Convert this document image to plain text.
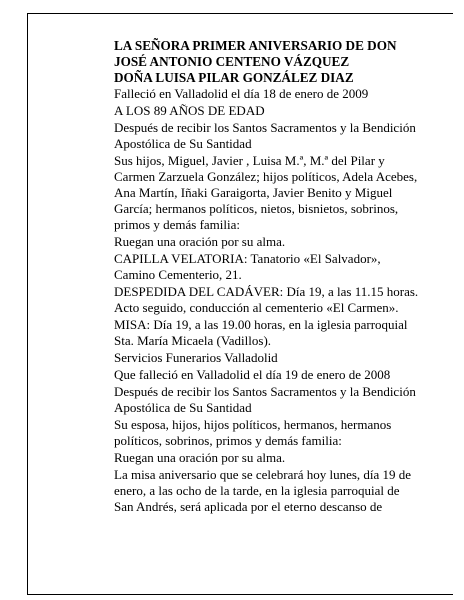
LA SEÑORA PRIMER ANIVERSARIO DE DON

JOSÉ ANTONIO CENTENO VÁZQUEZ

DOÑA LUISA PILAR GONZÁLEZ DIAZ

Falleció en Valladolid el día 18 de enero de 2009

A LOS 89 AÑOS DE EDAD

Después de recibir los Santos Sacramentos y la Bendición Apostólica de Su Santidad

Sus hijos, Miguel, Javier , Luisa M.ª, M.ª del Pilar y Carmen Zarzuela González; hijos políticos, Adela Acebes, Ana Martín, Iñaki Garaigorta, Javier Benito y Miguel García; hermanos políticos, nietos, bisnietos, sobrinos, primos y demás familia:

Ruegan una oración por su alma.

CAPILLA VELATORIA: Tanatorio «El Salvador», Camino Cementerio, 21.

DESPEDIDA DEL CADÁVER: Día 19, a las 11.15 horas. Acto seguido, conducción al cementerio «El Carmen».

MISA: Día 19, a las 19.00 horas, en la iglesia parroquial Sta. María Micaela (Vadillos).

Servicios Funerarios Valladolid

Que falleció en Valladolid el día 19 de enero de 2008

Después de recibir los Santos Sacramentos y la Bendición Apostólica de Su Santidad

Su esposa, hijos, hijos políticos, hermanos, hermanos políticos, sobrinos, primos y demás familia:

Ruegan una oración por su alma.

La misa aniversario que se celebrará hoy lunes, día 19 de enero, a las ocho de la tarde, en la iglesia parroquial de San Andrés, será aplicada por el eterno descanso de
